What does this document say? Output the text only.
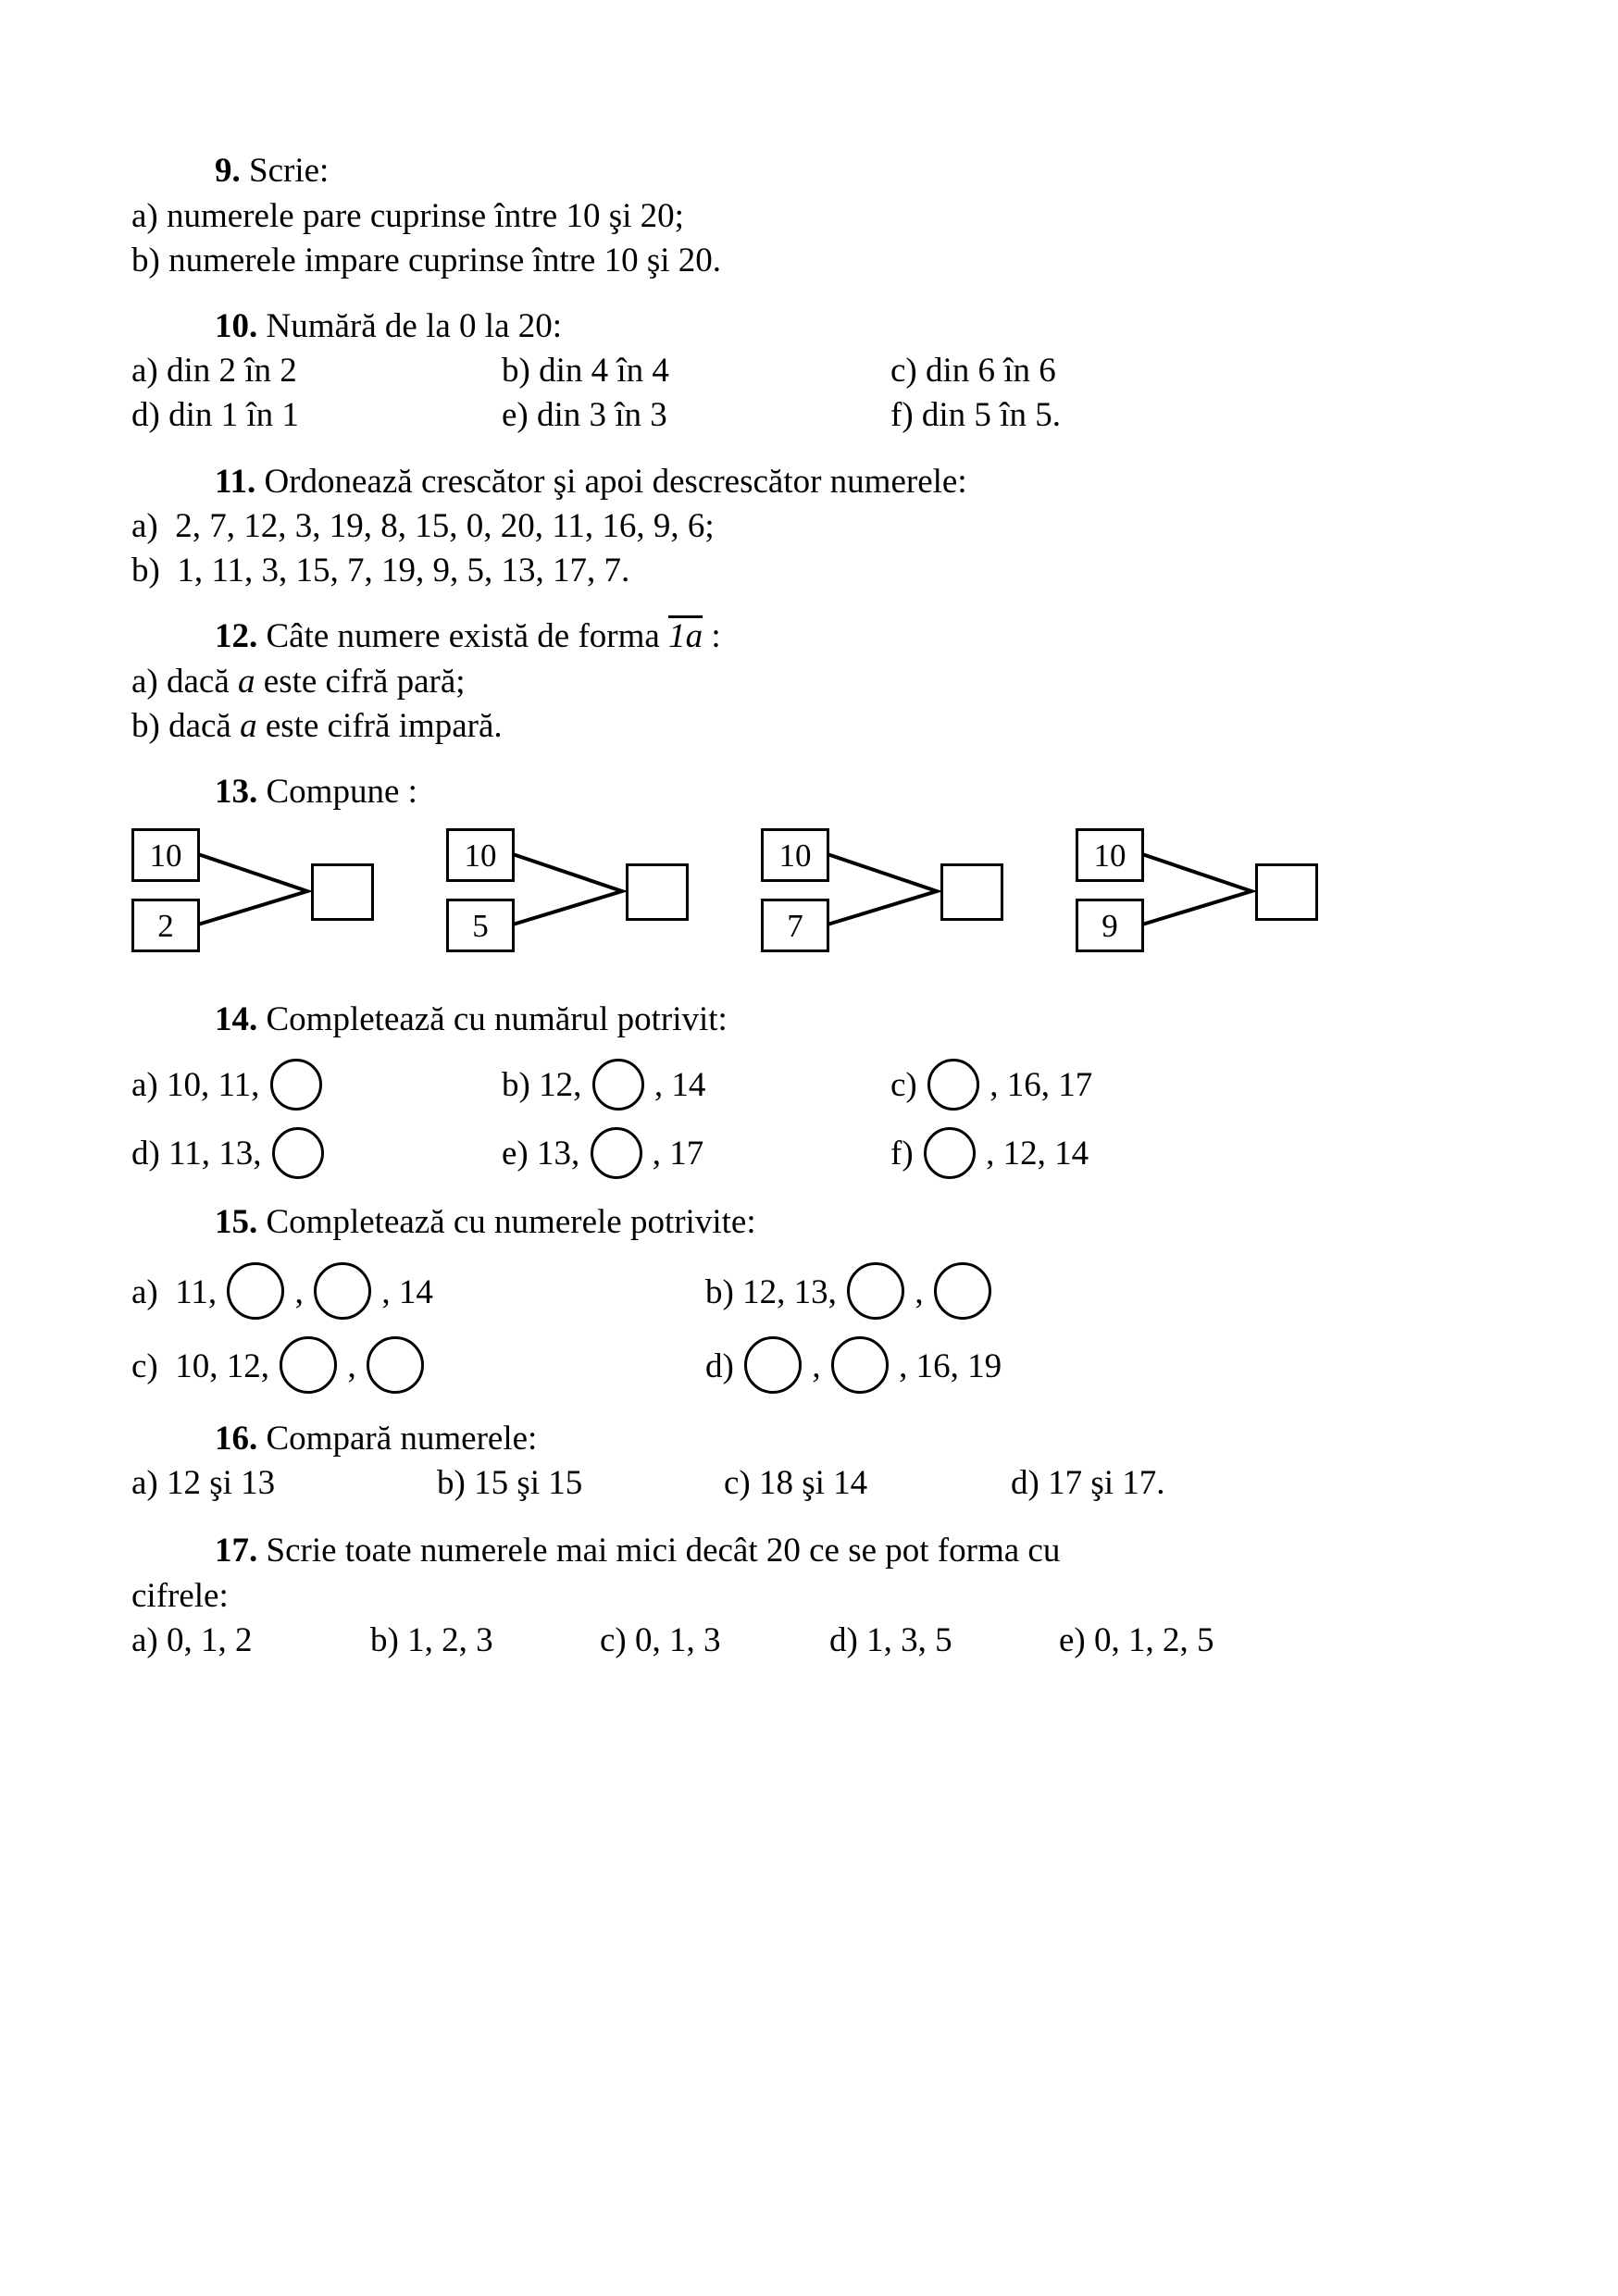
9. Scrie:
a) numerele pare cuprinse între 10 şi 20;
b) numerele impare cuprinse între 10 şi 20.
10. Numără de la 0 la 20:
a) din 2 în 2	b) din 4 în 4	c) din 6 în 6
d) din 1 în 1	e) din 3 în 3	f) din 5 în 5.
11. Ordonează crescător şi apoi descrescător numerele:
a) 2, 7, 12, 3, 19, 8, 15, 0, 20, 11, 16, 9, 6;
b) 1, 11, 3, 15, 7, 19, 9, 5, 13, 17, 7.
12. Câte numere există de forma 1a :
a) dacă a este cifră pară;
b) dacă a este cifră impară.
13. Compune :
10
2
10
5
10
7
10
9
14. Completează cu numărul potrivit:
a) 10, 11,	b) 12, , 14	c) , 16, 17
d) 11, 13,	e) 13, , 17	f) , 12, 14
15. Completează cu numerele potrivite:
a) 11, , , 14	b) 12, 13, ,
c) 10, 12, ,	d) , , 16, 19
16. Compară numerele:
a) 12 şi 13	b) 15 şi 15	c) 18 şi 14	d) 17 şi 17.
17. Scrie toate numerele mai mici decât 20 ce se pot forma cu
cifrele:
a) 0, 1, 2	b) 1, 2, 3	c) 0, 1, 3	d) 1, 3, 5	e) 0, 1, 2, 5
